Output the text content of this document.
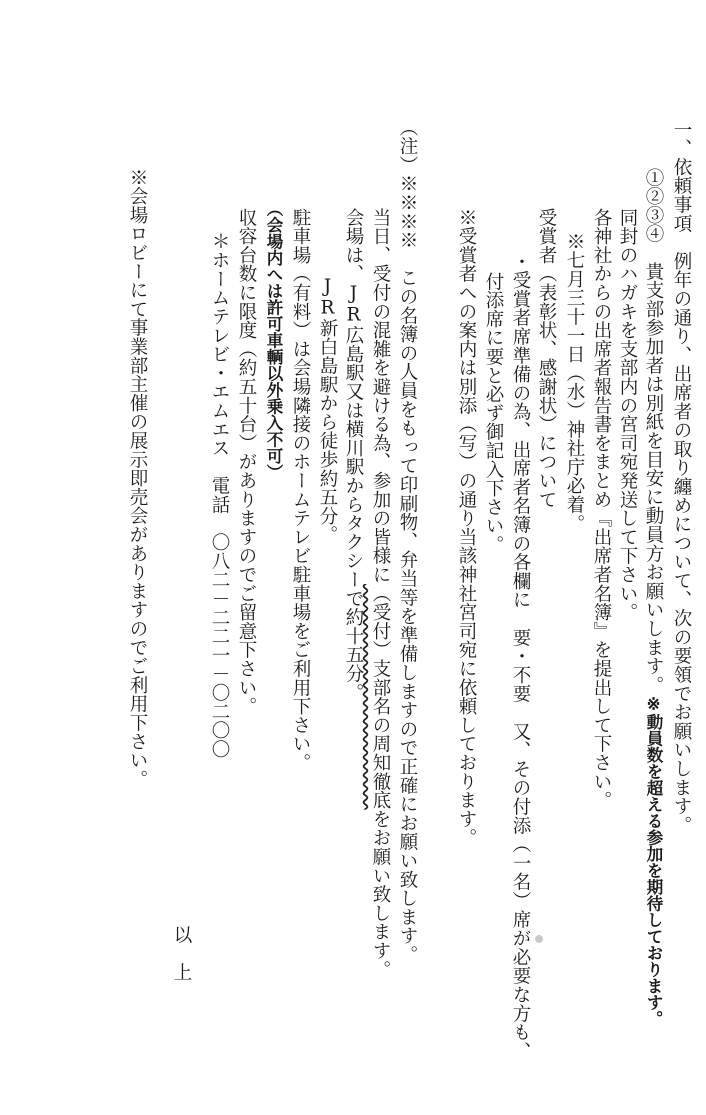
一、依頼事項　例年の通り、出席者の取り纏めについて、次の要領でお願いします。
①②③④　貴支部参加者は別紙を目安に動員方お願いします。※動員数を超える参加を期待しております。
同封のハガキを支部内の宮司宛発送して下さい。
各神社からの出席者報告書をまとめ『出席者名簿』を提出して下さい。
※七月三十一日（水）神社庁必着。
受賞者（表彰状、感謝状）について
・受賞者席準備の為、出席者名簿の各欄に　要・不要　又、その付添（一名）席が必要な方も、
付添席に要と必ず御記入下さい。
※受賞者への案内は別添（写）の通り当該神社宮司宛に依頼しております。
（注）※※※※　この名簿の人員をもって印刷物、弁当等を準備しますので正確にお願い致します。
当日、受付の混雑を避ける為、参加の皆様に（受付）支部名の周知徹底をお願い致します。
会場は、JR広島駅又は横川駅からタクシーで約十五分。
JR新白島駅から徒歩約五分。
駐車場（有料）は会場隣接のホームテレビ駐車場をご利用下さい。
（会場内へは許可車輌以外乗入不可）
収容台数に限度（約五十台）がありますのでご留意下さい。
＊ホームテレビ・エムエス　電話　〇八二－二二一－〇二〇〇
※会場ロビーにて事業部主催の展示即売会がありますのでご利用下さい。
以　上
